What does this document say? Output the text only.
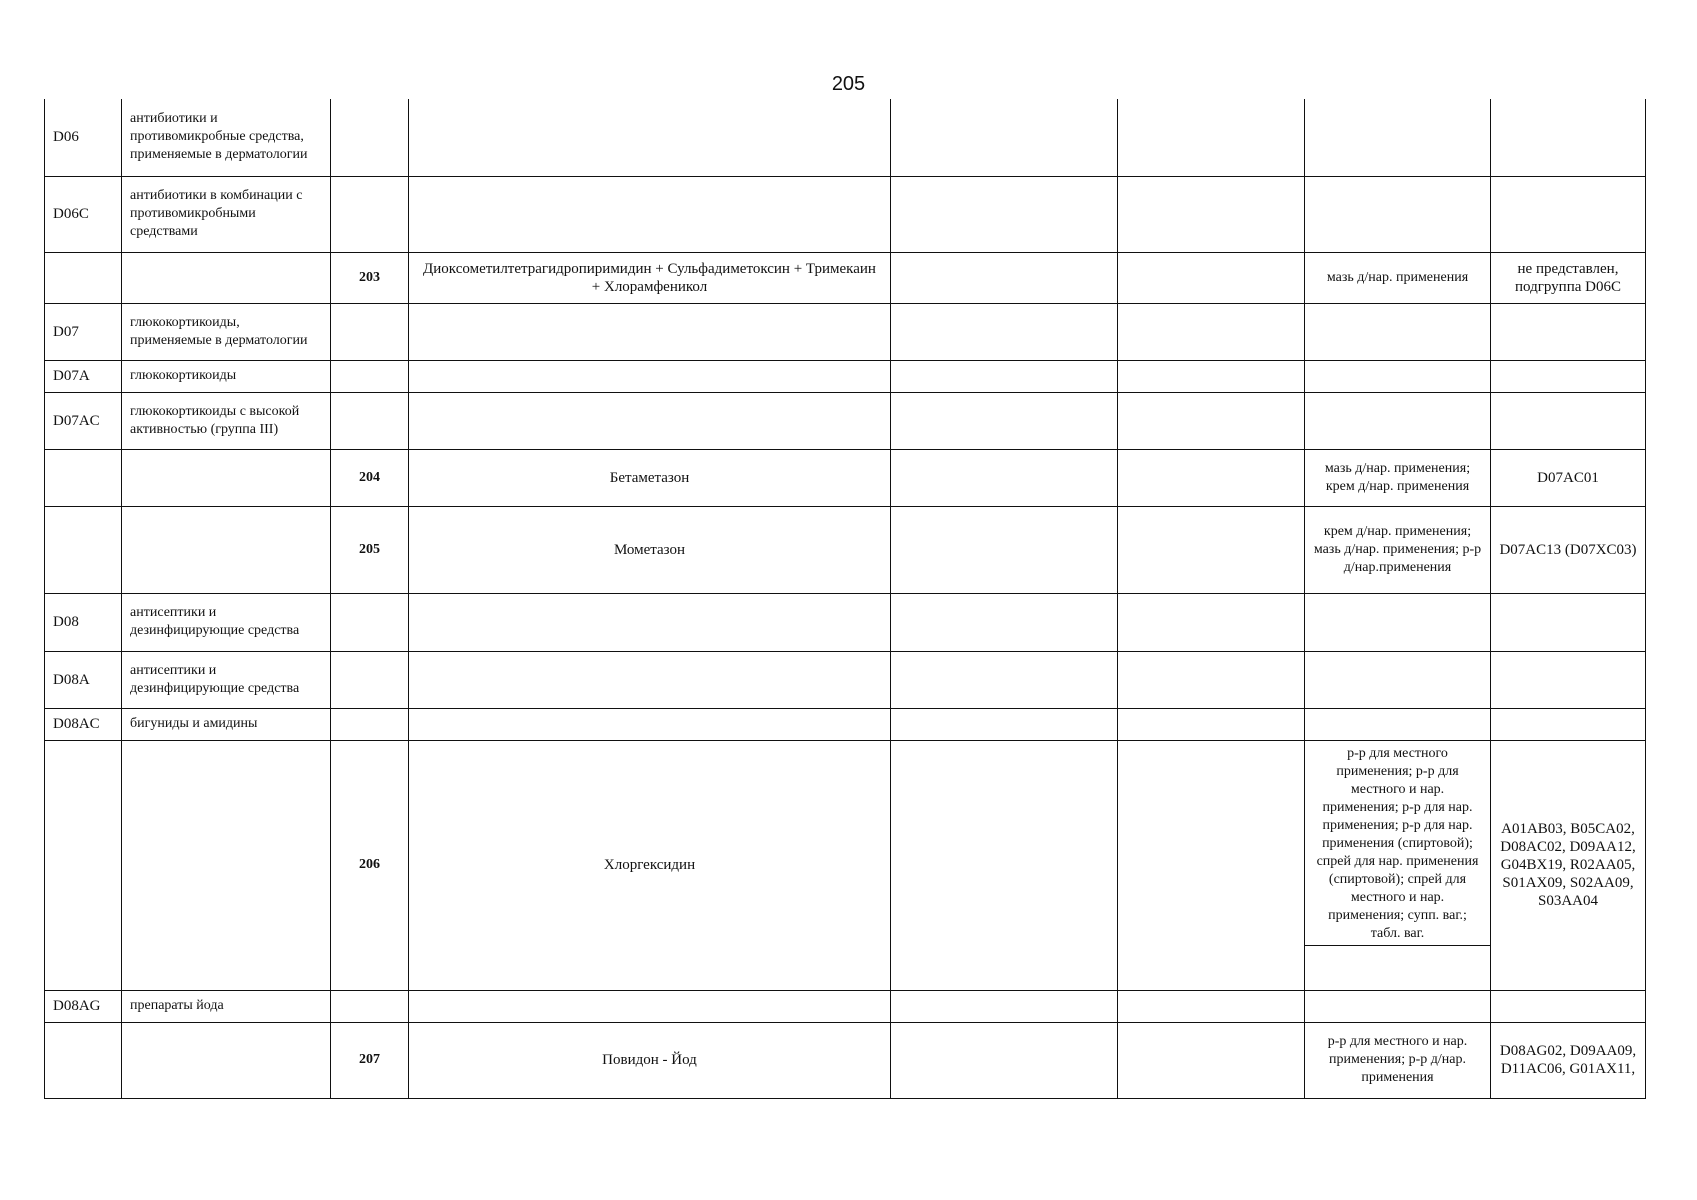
205
D06	антибиотики и противомикробные средства, применяемые в дерматологии						
D06C	антибиотики в комбинации с противомикробными средствами						
		203	Диоксометилтетрагидропиримидин + Сульфадиметоксин + Тримекаин + Хлорамфеникол			мазь д/нар. применения	не представлен, подгруппа D06C
D07	глюкокортикоиды, применяемые в дерматологии						
D07A	глюкокортикоиды						
D07AC	глюкокортикоиды с высокой активностью (группа III)						
		204	Бетаметазон			мазь д/нар. применения; крем д/нар. применения	D07AC01
		205	Мометазон			крем д/нар. применения; мазь д/нар. применения; р-р д/нар.применения	D07AC13 (D07XC03)
D08	антисептики и дезинфицирующие средства						
D08A	антисептики и дезинфицирующие средства						
D08AC	бигуниды и амидины						
		206	Хлоргексидин			р-р для местного применения; р-р для местного и нар. применения; р-р для нар. применения; р-р для нар. применения (спиртовой); спрей для нар. применения (спиртовой); спрей для местного и нар. применения; супп. ваг.; табл. ваг.	A01AB03, B05CA02, D08AC02, D09AA12, G04BX19, R02AA05, S01AX09, S02AA09, S03AA04
D08AG	препараты йода						
		207	Повидон - Йод			р-р для местного и нар. применения; р-р д/нар. применения	D08AG02, D09AA09, D11AC06, G01AX11,
